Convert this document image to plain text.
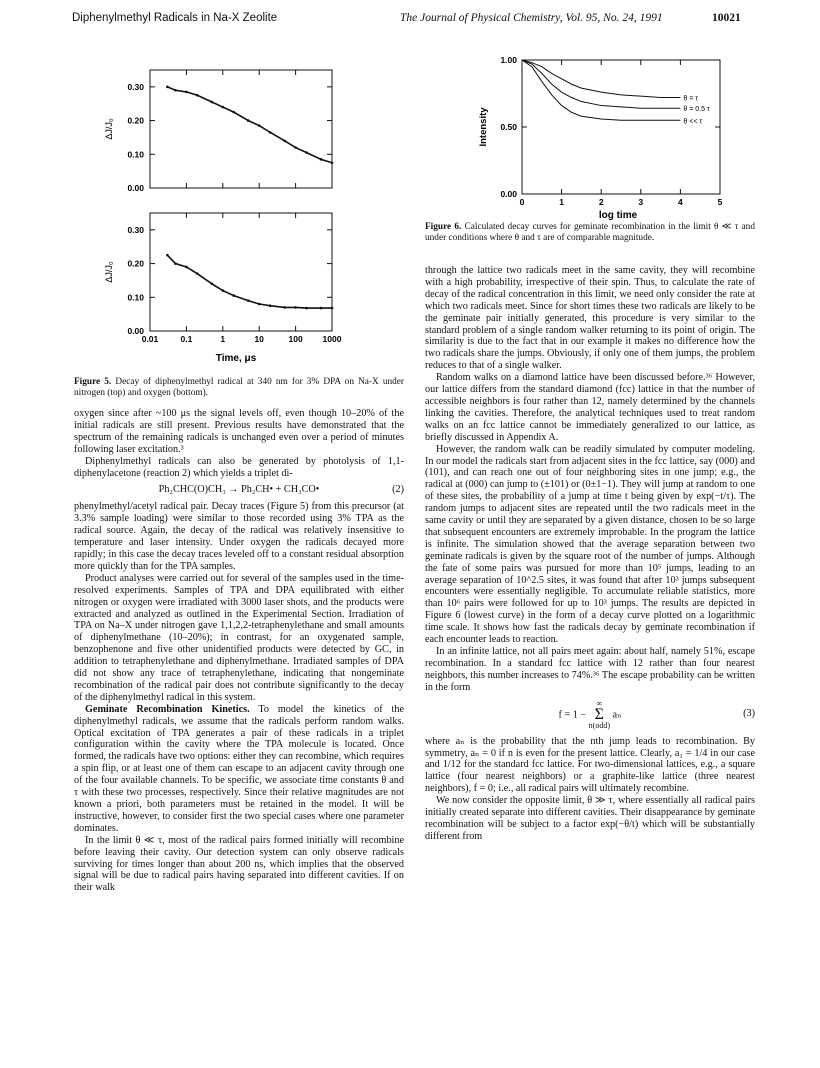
Diphenylmethyl Radicals in Na-X Zeolite	The Journal of Physical Chemistry, Vol. 95, No. 24, 1991	10021
0.30
0.20
0.10
0.00
ΔJ/J₀
0.30
0.20
0.10
0.00
0.01	0.1	1	10	100 1000
ΔJ/J₀
Time, μs
Figure 5. Decay of diphenylmethyl radical at 340 nm for 3% DPA on Na-X under nitrogen (top) and oxygen (bottom).
1.00
0.50
0.00
0	1	2	3	4	5
Intensity
θ = τ
θ = 0.5 τ
θ << τ
log time
Figure 6. Calculated decay curves for geminate recombination in the limit θ ≪ τ and under conditions where θ and τ are of comparable magnitude.

oxygen since after ~100 μs the signal levels off, even though 10–20% of the initial radicals are still present. Previous results have demonstrated that the spectrum of the remaining radicals is unchanged even over a period of minutes following laser excitation.³

Diphenylmethyl radicals can also be generated by photolysis of 1,1-diphenylacetone (reaction 2) which yields a triplet di-

Ph₂CHC(O)CH₃ → Ph₂CH• + CH₃CO•	(2)

phenylmethyl/acetyl radical pair. Decay traces (Figure 5) from this precursor (at 3.3% sample loading) were similar to those recorded using 3% TPA as the radical source. Again, the decay of the radical was relatively insensitive to temperature and laser intensity. Under oxygen the radicals decayed more rapidly; in this case the decay traces leveled off to a constant residual absorption more quickly than for the TPA samples.

Product analyses were carried out for several of the samples used in the time-resolved experiments. Samples of TPA and DPA equilibrated with either nitrogen or oxygen were irradiated with 3000 laser shots, and the products were extracted and analyzed as outlined in the Experimental Section. Irradiation of TPA on Na–X under nitrogen gave 1,1,2,2-tetraphenylethane and small amounts of diphenylmethane (10–20%); in contrast, for an oxygenated sample, benzophenone and five other unidentified products were detected by GC, in addition to tetraphenylethane and diphenylmethane. Irradiated samples of DPA did not show any trace of tetraphenylethane, indicating that nongeminate recombination of the radical pair does not contribute significantly to the decay of the diphenylmethyl radical in this system.

Geminate Recombination Kinetics. To model the kinetics of the diphenylmethyl radicals, we assume that the radicals perform random walks. Optical excitation of TPA generates a pair of these radicals in a triplet configuration within the cavity where the TPA molecule is located. Once formed, the radicals have two options: either they can recombine, which requires a spin flip, or at least one of them can escape to an adjacent cavity through one of the four available channels. To be specific, we associate time constants θ and τ with these two processes, respectively. Since their relative magnitudes are not known a priori, both parameters must be retained in the model. It will be instructive, however, to consider first the two special cases where one parameter dominates.

In the limit θ ≪ τ, most of the radical pairs formed initially will recombine before leaving their cavity. Our detection system can only observe radicals surviving for times longer than about 200 ns, which implies that the observed signal will be due to radical pairs having separated into different cavities. If on their walk

through the lattice two radicals meet in the same cavity, they will recombine with a high probability, irrespective of their spin. Thus, to calculate the rate of decay of the radical concentration in this limit, we need only consider the rate at which two radicals meet. Since for short times these two radicals are likely to be the geminate pair initially generated, this procedure is very similar to the standard problem of a single random walker returning to its point of origin. The similarity is due to the fact that in our example it makes no difference how the two radicals share the jumps. Obviously, if only one of them jumps, the problem reduces to that of a single walker.

Random walks on a diamond lattice have been discussed before.³⁶ However, our lattice differs from the standard diamond (fcc) lattice in that the number of accessible neighbors is four rather than 12, namely determined by the channels linking the cavities. Therefore, the analytical techniques used to treat random walks on an fcc lattice cannot be immediately generalized to our lattice, as briefly discussed in Appendix A.

However, the random walk can be readily simulated by computer modeling. In our model the radicals start from adjacent sites in the fcc lattice, say (000) and (101), and can reach one out of four neighboring sites in one jump; e.g., the radical at (000) can jump to (±101) or (0±1−1). They will jump at random to one of these sites, the probability of a jump at time t being given by exp(−t/τ). The random jumps to adjacent sites are repeated until the two radicals meet in the same cavity or until they are separated by a given distance, chosen to be so large that subsequent encounters are extremely improbable. In the program the lattice is infinite. The simulation showed that the average separation between two geminate radicals is given by the square root of the number of jumps. Although the fate of some pairs was pursued for more than 10⁵ jumps, leading to an average separation of 10^2.5 sites, it was found that after 10³ jumps subsequent encounters were essentially negligible. To accumulate reliable statistics, more than 10⁶ pairs were followed for up to 10³ jumps. The results are depicted in Figure 6 (lowest curve) in the form of a decay curve plotted on a logarithmic time scale. It shows how fast the radicals decay by geminate recombination if each encounter leads to reaction.

In an infinite lattice, not all pairs meet again: about half, namely 51%, escape recombination. In a standard fcc lattice with 12 rather than four nearest neighbors, this number increases to 74%.³⁶ The escape probability can be written in the form

f = 1 − ∞
Σ
n(odd) aₙ	(3)

where aₙ is the probability that the nth jump leads to recombination. By symmetry, aₙ = 0 if n is even for the present lattice. Clearly, a₁ = 1/4 in our case and 1/12 for the standard fcc lattice. For two-dimensional lattices, e.g., a square lattice (four nearest neighbors) or a graphite-like lattice (three nearest neighbors), f = 0; i.e., all radical pairs will ultimately recombine.

We now consider the opposite limit, θ ≫ τ, where essentially all radical pairs initially created separate into different cavities. Their disappearance by geminate recombination will be subject to a factor exp(−θ/t) which will be substantially different from
